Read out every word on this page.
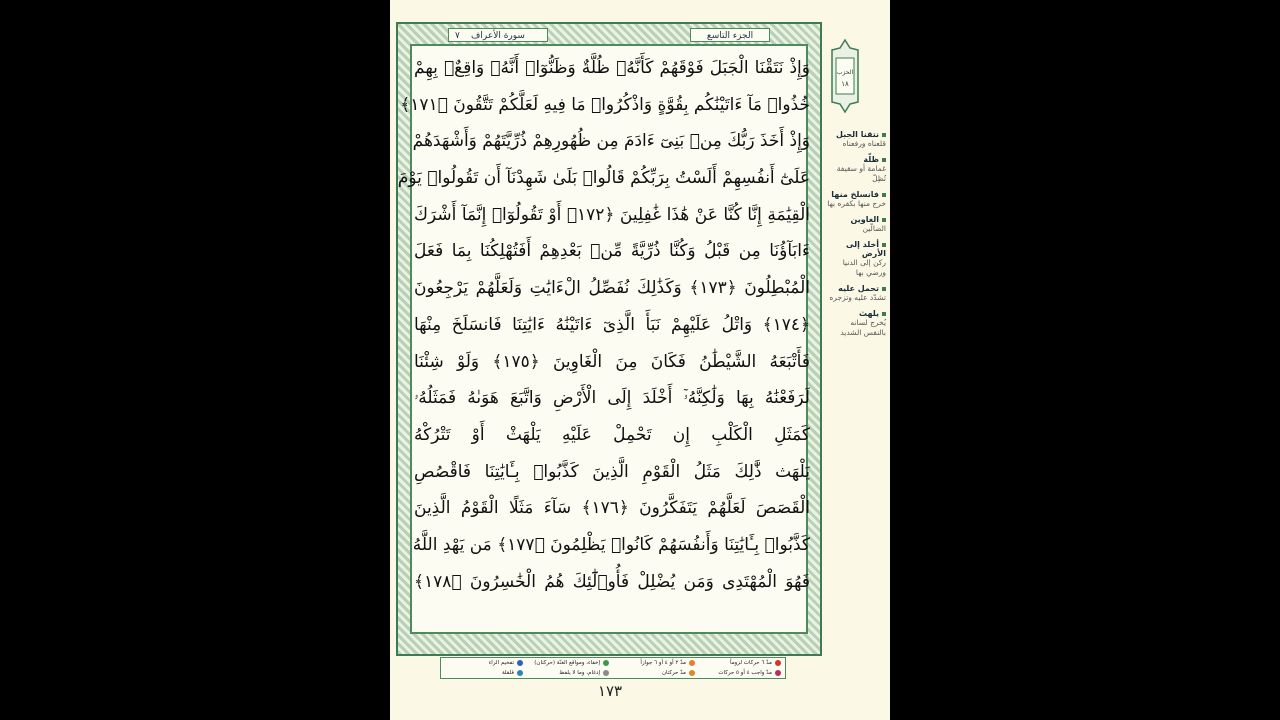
٧ سورة الأعراف	الجزء التاسع
وَإِذْ نَتَقْنَا الْجَبَلَ فَوْقَهُمْ كَأَنَّهُۥ ظُلَّةٌ وَظَنُّوٓا۟ أَنَّهُۥ وَاقِعٌۢ بِهِمْ
خُذُوا۟ مَآ ءَاتَيْنَٰكُم بِقُوَّةٍ وَاذْكُرُوا۟ مَا فِيهِ لَعَلَّكُمْ تَتَّقُونَ ﴿١٧١﴾
وَإِذْ أَخَذَ رَبُّكَ مِنۢ بَنِىٓ ءَادَمَ مِن ظُهُورِهِمْ ذُرِّيَّتَهُمْ وَأَشْهَدَهُمْ
عَلَىٰٓ أَنفُسِهِمْ أَلَسْتُ بِرَبِّكُمْ قَالُوا۟ بَلَىٰ شَهِدْنَآ أَن تَقُولُوا۟ يَوْمَ
الْقِيَٰمَةِ إِنَّا كُنَّا عَنْ هَٰذَا غَٰفِلِينَ ﴿١٧٢﴾ أَوْ تَقُولُوٓا۟ إِنَّمَآ أَشْرَكَ
ءَابَآؤُنَا مِن قَبْلُ وَكُنَّا ذُرِّيَّةً مِّنۢ بَعْدِهِمْ أَفَتُهْلِكُنَا بِمَا فَعَلَ
الْمُبْطِلُونَ ﴿١٧٣﴾ وَكَذَٰلِكَ نُفَصِّلُ الْءَايَٰتِ وَلَعَلَّهُمْ يَرْجِعُونَ
﴿١٧٤﴾ وَاتْلُ عَلَيْهِمْ نَبَأَ الَّذِىٓ ءَاتَيْنَٰهُ ءَايَٰتِنَا فَانسَلَخَ مِنْهَا
فَأَتْبَعَهُ الشَّيْطَٰنُ فَكَانَ مِنَ الْغَاوِينَ ﴿١٧٥﴾ وَلَوْ شِئْنَا
لَرَفَعْنَٰهُ بِهَا وَلَٰكِنَّهُۥٓ أَخْلَدَ إِلَى الْأَرْضِ وَاتَّبَعَ هَوَىٰهُ فَمَثَلُهُۥ
كَمَثَلِ الْكَلْبِ إِن تَحْمِلْ عَلَيْهِ يَلْهَثْ أَوْ تَتْرُكْهُ
يَلْهَث ذَّٰلِكَ مَثَلُ الْقَوْمِ الَّذِينَ كَذَّبُوا۟ بِـَٔايَٰتِنَا فَاقْصُصِ
الْقَصَصَ لَعَلَّهُمْ يَتَفَكَّرُونَ ﴿١٧٦﴾ سَآءَ مَثَلًا الْقَوْمُ الَّذِينَ
كَذَّبُوا۟ بِـَٔايَٰتِنَا وَأَنفُسَهُمْ كَانُوا۟ يَظْلِمُونَ ﴿١٧٧﴾ مَن يَهْدِ اللَّهُ
فَهُوَ الْمُهْتَدِى وَمَن يُضْلِلْ فَأُو۟لَٰٓئِكَ هُمُ الْخَٰسِرُونَ ﴿١٧٨﴾
مدّ ٦ حركات لزوماً
مدّ واجب ٤ أو ٥ حركات
مدّ ٢ أو ٤ أو ٦ جوازاً
مدّ حركتان
إخفاء، ومواقع الغنّة (حركتان)
إدغام، وما لا يلفظ
تفخيم الراء
قلقلة
١٧٣
الحزب
١٨
نتقنا الجبل
قلعناه ورفعناه
ظلّة
غمامة أو سقيفة تُظِلّ
فانسلخ منها
خرج منها بكفره بها
الغاوين
الضالّين
أخلد إلى الأرض
ركن إلى الدنيا ورضي بها
تحمل عليه
تشدّد عليه وتزجره
يلهث
يُخرج لسانه بالنفس الشديد
